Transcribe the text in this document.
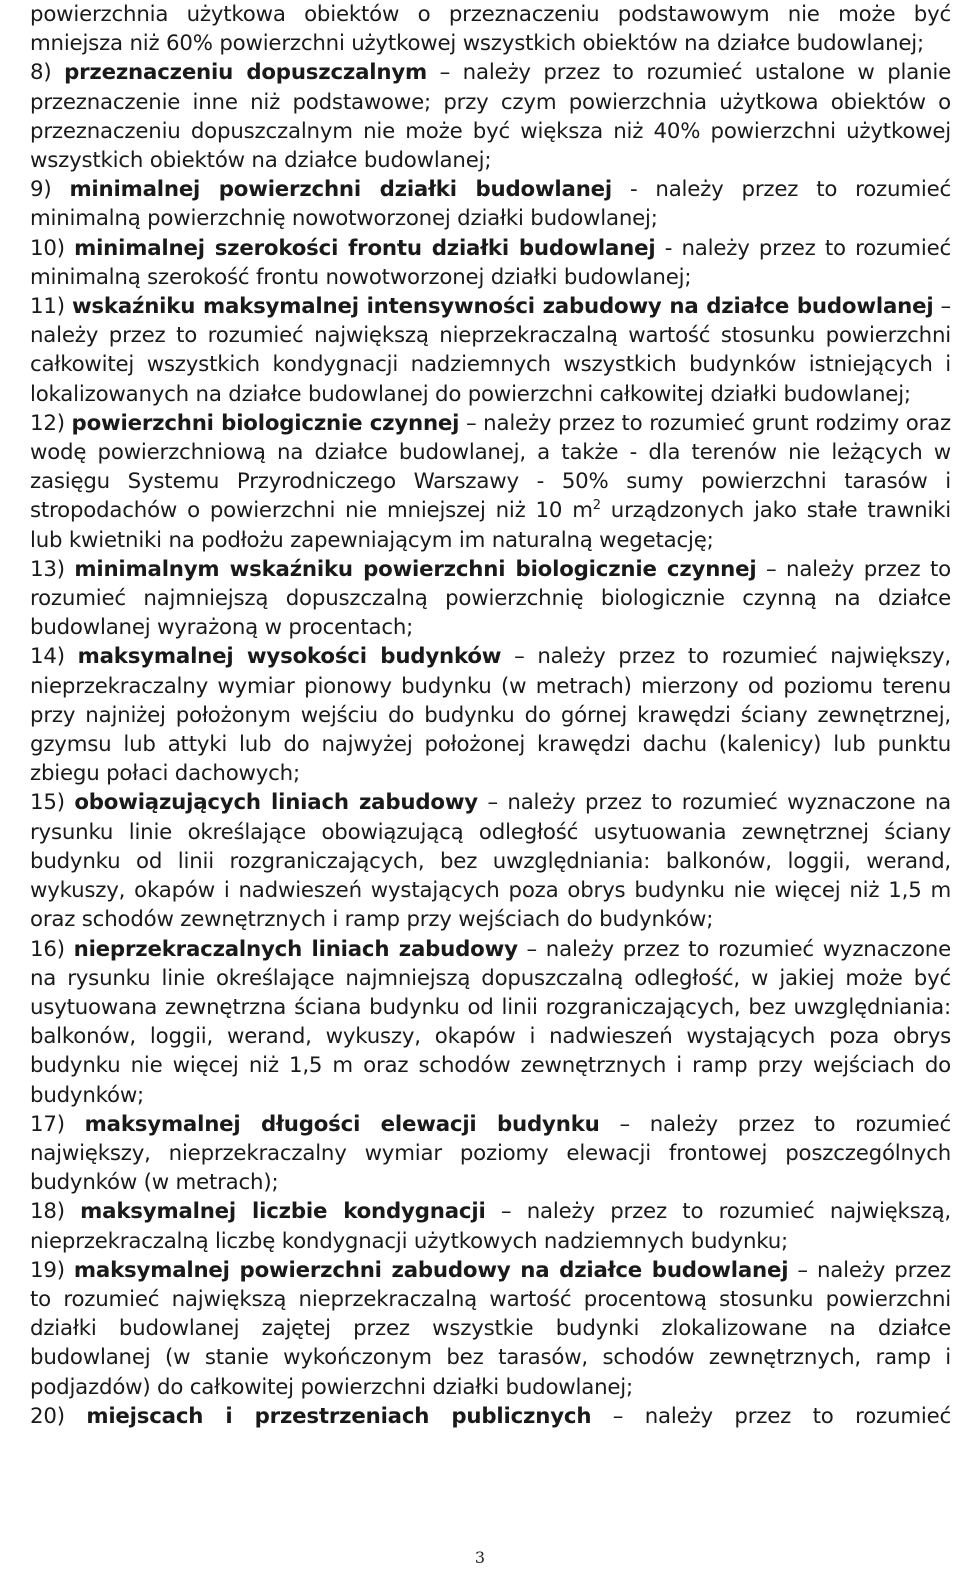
powierzchnia użytkowa obiektów o przeznaczeniu podstawowym nie może być mniejsza niż 60% powierzchni użytkowej wszystkich obiektów na działce budowlanej;

8) przeznaczeniu dopuszczalnym – należy przez to rozumieć ustalone w planie przeznaczenie inne niż podstawowe; przy czym powierzchnia użytkowa obiektów o przeznaczeniu dopuszczalnym nie może być większa niż 40% powierzchni użytkowej wszystkich obiektów na działce budowlanej;

9) minimalnej powierzchni działki budowlanej - należy przez to rozumieć minimalną powierzchnię nowotworzonej działki budowlanej;

10) minimalnej szerokości frontu działki budowlanej - należy przez to rozumieć minimalną szerokość frontu nowotworzonej działki budowlanej;

11) wskaźniku maksymalnej intensywności zabudowy na działce budowlanej – należy przez to rozumieć największą nieprzekraczalną wartość stosunku powierzchni całkowitej wszystkich kondygnacji nadziemnych wszystkich budynków istniejących i lokalizowanych na działce budowlanej do powierzchni całkowitej działki budowlanej;

12) powierzchni biologicznie czynnej – należy przez to rozumieć grunt rodzimy oraz wodę powierzchniową na działce budowlanej, a także - dla terenów nie leżących w zasięgu Systemu Przyrodniczego Warszawy - 50% sumy powierzchni tarasów i stropodachów o powierzchni nie mniejszej niż 10 $m^2$ urządzonych jako stałe trawniki lub kwietniki na podłożu zapewniającym im naturalną wegetację;

13) minimalnym wskaźniku powierzchni biologicznie czynnej – należy przez to rozumieć najmniejszą dopuszczalną powierzchnię biologicznie czynną na działce budowlanej wyrażoną w procentach;

14) maksymalnej wysokości budynków – należy przez to rozumieć największy, nieprzekraczalny wymiar pionowy budynku (w metrach) mierzony od poziomu terenu przy najniżej położonym wejściu do budynku do górnej krawędzi ściany zewnętrznej, gzymsu lub attyki lub do najwyżej położonej krawędzi dachu (kalenicy) lub punktu zbiegu połaci dachowych;

15) obowiązujących liniach zabudowy – należy przez to rozumieć wyznaczone na rysunku linie określające obowiązującą odległość usytuowania zewnętrznej ściany budynku od linii rozgraniczających, bez uwzględniania: balkonów, loggii, werand, wykuszy, okapów i nadwieszeń wystających poza obrys budynku nie więcej niż 1,5 m oraz schodów zewnętrznych i ramp przy wejściach do budynków;

16) nieprzekraczalnych liniach zabudowy – należy przez to rozumieć wyznaczone na rysunku linie określające najmniejszą dopuszczalną odległość, w jakiej może być usytuowana zewnętrzna ściana budynku od linii rozgraniczających, bez uwzględniania: balkonów, loggii, werand, wykuszy, okapów i nadwieszeń wystających poza obrys budynku nie więcej niż 1,5 m oraz schodów zewnętrznych i ramp przy wejściach do budynków;

17) maksymalnej długości elewacji budynku – należy przez to rozumieć największy, nieprzekraczalny wymiar poziomy elewacji frontowej poszczególnych budynków (w metrach);

18) maksymalnej liczbie kondygnacji – należy przez to rozumieć największą, nieprzekraczalną liczbę kondygnacji użytkowych nadziemnych budynku;

19) maksymalnej powierzchni zabudowy na działce budowlanej – należy przez to rozumieć największą nieprzekraczalną wartość procentową stosunku powierzchni działki budowlanej zajętej przez wszystkie budynki zlokalizowane na działce budowlanej (w stanie wykończonym bez tarasów, schodów zewnętrznych, ramp i podjazdów) do całkowitej powierzchni działki budowlanej;

20) miejscach i przestrzeniach publicznych – należy przez to rozumieć

3
